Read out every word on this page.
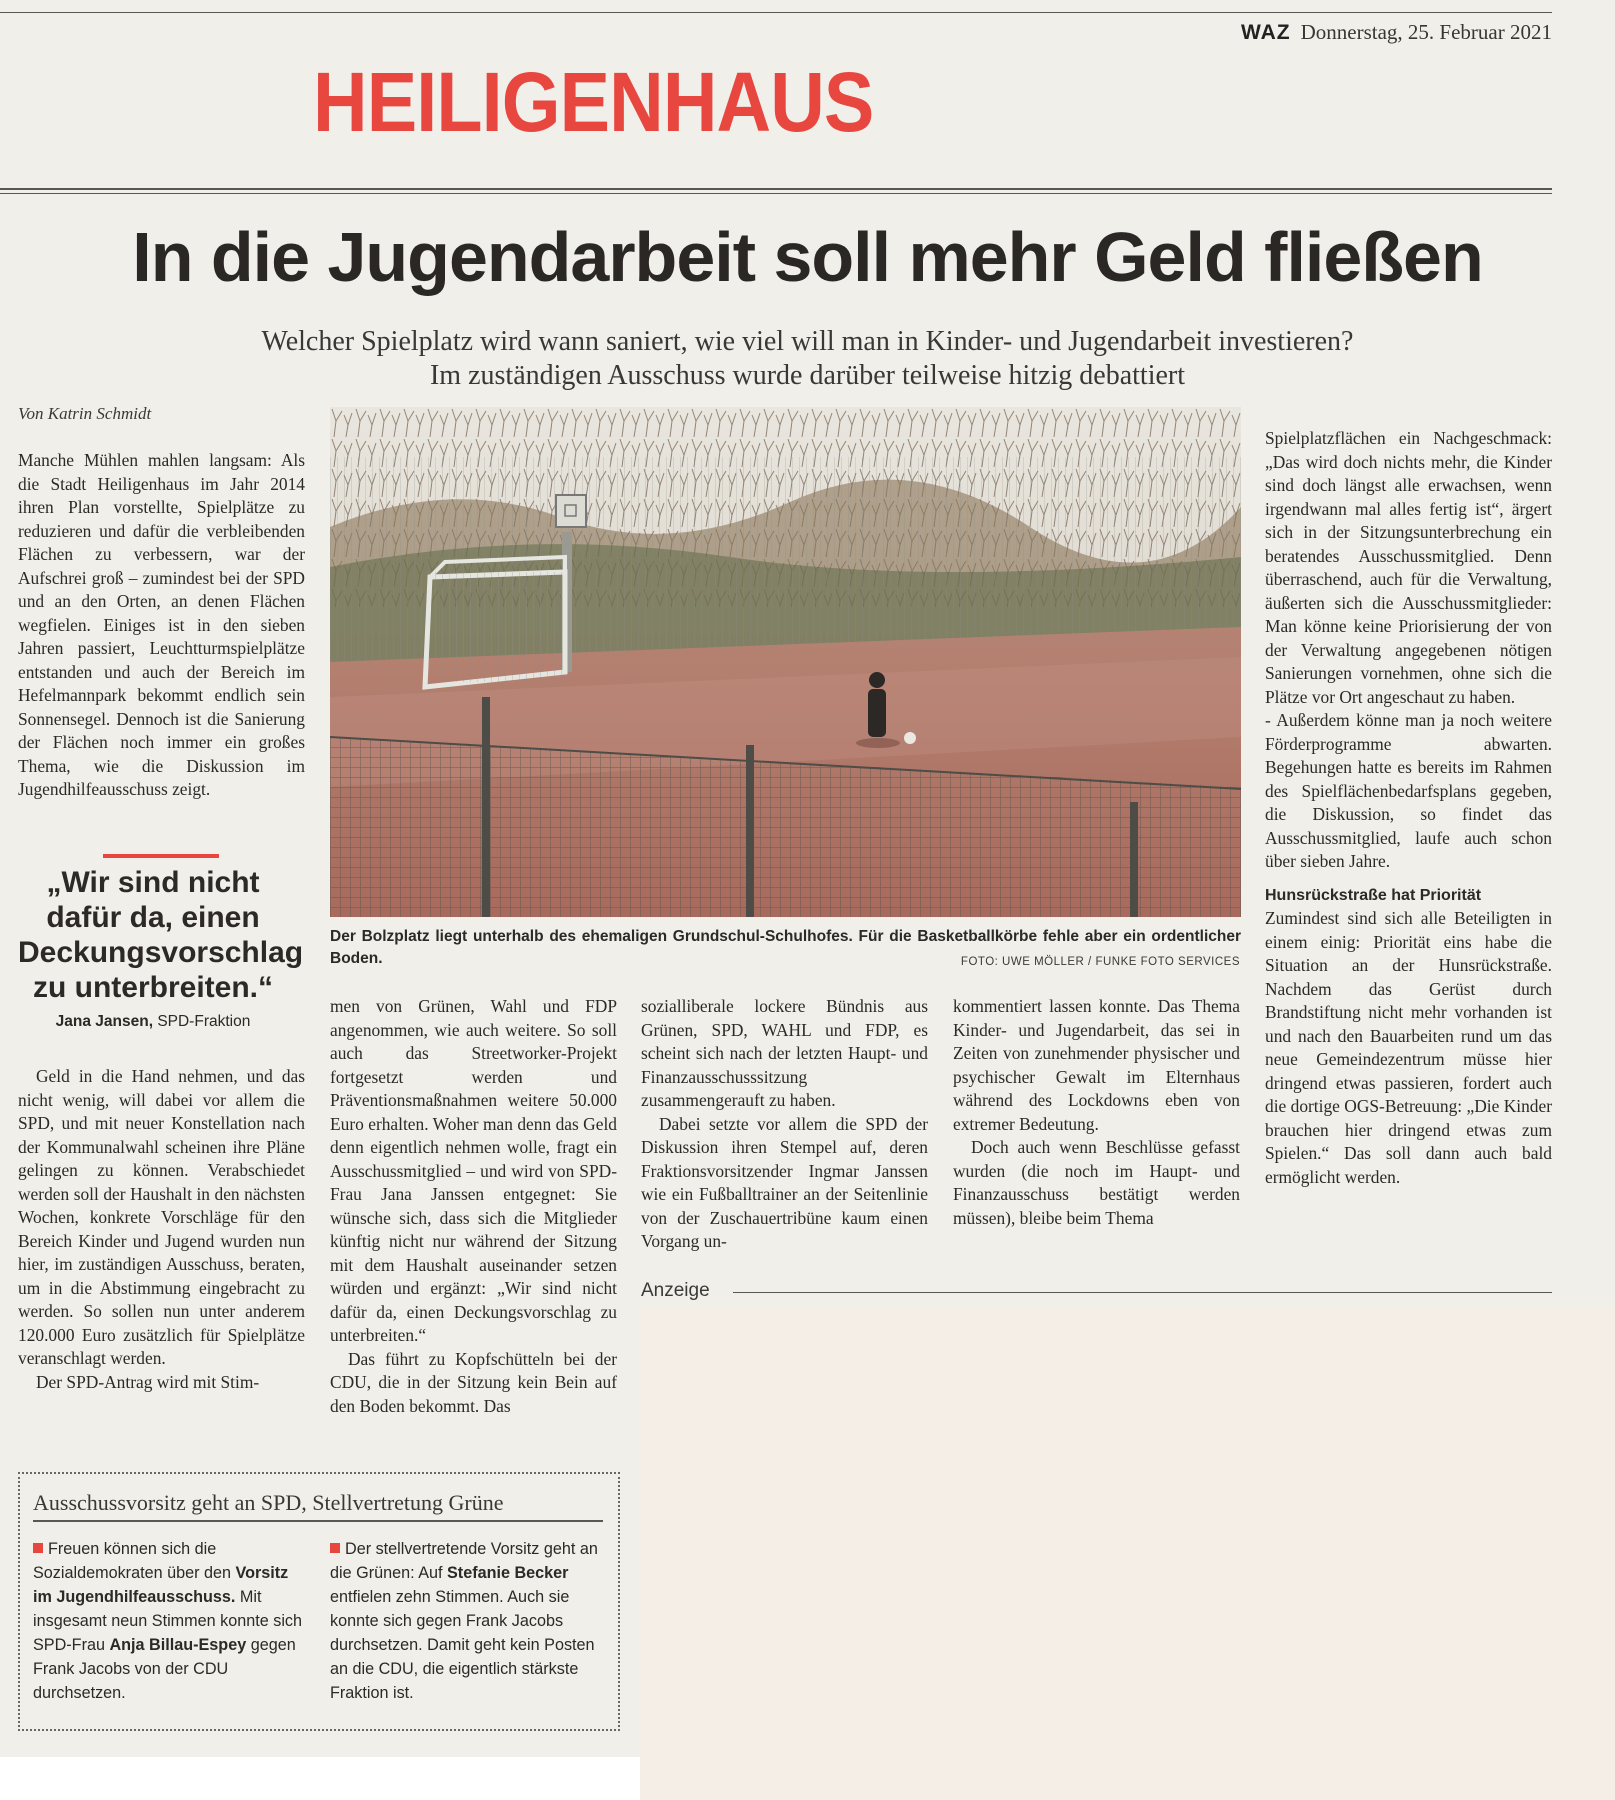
WAZ Donnerstag, 25. Februar 2021
HEILIGENHAUS
In die Jugendarbeit soll mehr Geld fließen
Welcher Spielplatz wird wann saniert, wie viel will man in Kinder- und Jugendarbeit investieren?
Im zuständigen Ausschuss wurde darüber teilweise hitzig debattiert
Von Katrin Schmidt

Manche Mühlen mahlen langsam: Als die Stadt Heiligenhaus im Jahr 2014 ihren Plan vorstellte, Spielplätze zu reduzieren und dafür die verbleibenden Flächen zu verbessern, war der Aufschrei groß – zumindest bei der SPD und an den Orten, an denen Flächen wegfielen. Einiges ist in den sieben Jahren passiert, Leuchtturmspielplätze entstanden und auch der Bereich im Hefelmannpark bekommt endlich sein Sonnensegel. Dennoch ist die Sanierung der Flächen noch immer ein großes Thema, wie die Diskussion im Jugendhilfeausschuss zeigt.

„Wir sind nicht dafür da, einen Deckungsvorschlag zu unterbreiten.“
Jana Jansen, SPD-Fraktion
Der Bolzplatz liegt unterhalb des ehemaligen Grundschul-Schulhofes. Für die Basketballkörbe fehle aber ein ordentlicher Boden.	FOTO: UWE MÖLLER / FUNKE FOTO SERVICES

Geld in die Hand nehmen, und das nicht wenig, will dabei vor allem die SPD, und mit neuer Konstellation nach der Kommunalwahl scheinen ihre Pläne gelingen zu können. Verabschiedet werden soll der Haushalt in den nächsten Wochen, konkrete Vorschläge für den Bereich Kinder und Jugend wurden nun hier, im zuständigen Ausschuss, beraten, um in die Abstimmung eingebracht zu werden. So sollen nun unter anderem 120.000 Euro zusätzlich für Spielplätze veranschlagt werden.

Der SPD-Antrag wird mit Stim-

men von Grünen, Wahl und FDP angenommen, wie auch weitere. So soll auch das Streetworker-Projekt fortgesetzt werden und Präventionsmaßnahmen weitere 50.000 Euro erhalten. Woher man denn das Geld denn eigentlich nehmen wolle, fragt ein Ausschussmitglied – und wird von SPD-Frau Jana Janssen entgegnet: Sie wünsche sich, dass sich die Mitglieder künftig nicht nur während der Sitzung mit dem Haushalt auseinander setzen würden und ergänzt: „Wir sind nicht dafür da, einen Deckungsvorschlag zu unterbreiten.“

Das führt zu Kopfschütteln bei der CDU, die in der Sitzung kein Bein auf den Boden bekommt. Das

sozialliberale lockere Bündnis aus Grünen, SPD, WAHL und FDP, es scheint sich nach der letzten Haupt- und Finanzausschusssitzung zusammengerauft zu haben.

Dabei setzte vor allem die SPD der Diskussion ihren Stempel auf, deren Fraktionsvorsitzender Ingmar Janssen wie ein Fußballtrainer an der Seitenlinie von der Zuschauertribüne kaum einen Vorgang un-

kommentiert lassen konnte. Das Thema Kinder- und Jugendarbeit, das sei in Zeiten von zunehmender physischer und psychischer Gewalt im Elternhaus während des Lockdowns eben von extremer Bedeutung.

Doch auch wenn Beschlüsse gefasst wurden (die noch im Haupt- und Finanzausschuss bestätigt werden müssen), bleibe beim Thema

Spielplatzflächen ein Nachgeschmack: „Das wird doch nichts mehr, die Kinder sind doch längst alle erwachsen, wenn irgendwann mal alles fertig ist“, ärgert sich in der Sitzungsunterbrechung ein beratendes Ausschussmitglied. Denn überraschend, auch für die Verwaltung, äußerten sich die Ausschussmitglieder: Man könne keine Priorisierung der von der Verwaltung angegebenen nötigen Sanierungen vornehmen, ohne sich die Plätze vor Ort angeschaut zu haben.

- Außerdem könne man ja noch weitere Förderprogramme abwarten. Begehungen hatte es bereits im Rahmen des Spielflächenbedarfsplans gegeben, die Diskussion, so findet das Ausschussmitglied, laufe auch schon über sieben Jahre.

Hunsrückstraße hat Priorität

Zumindest sind sich alle Beteiligten in einem einig: Priorität eins habe die Situation an der Hunsrückstraße. Nachdem das Gerüst durch Brandstiftung nicht mehr vorhanden ist und nach den Bauarbeiten rund um das neue Gemeindezentrum müsse hier dringend etwas passieren, fordert auch die dortige OGS-Betreuung: „Die Kinder brauchen hier dringend etwas zum Spielen.“ Das soll dann auch bald ermöglicht werden.

Anzeige
Ausschussvorsitz geht an SPD, Stellvertretung Grüne
Freuen können sich die Sozialdemokraten über den Vorsitz im Jugendhilfeausschuss. Mit insgesamt neun Stimmen konnte sich SPD-Frau Anja Billau-Espey gegen Frank Jacobs von der CDU durchsetzen.
Der stellvertretende Vorsitz geht an die Grünen: Auf Stefanie Becker entfielen zehn Stimmen. Auch sie konnte sich gegen Frank Jacobs durchsetzen. Damit geht kein Posten an die CDU, die eigentlich stärkste Fraktion ist.
